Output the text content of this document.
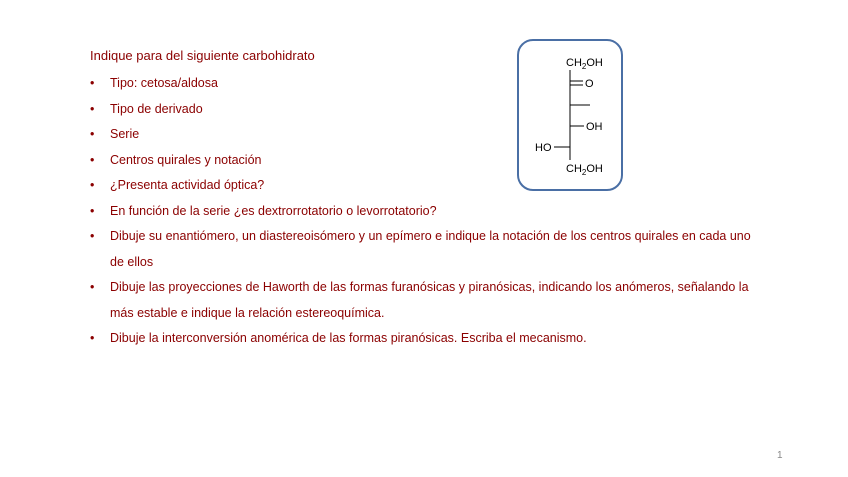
Indique para del siguiente carbohidrato
• Tipo: cetosa/aldosa
• Tipo de derivado
• Serie
• Centros quirales y notación
• ¿Presenta actividad óptica?
• En función de la serie ¿es dextrorrotatorio o levorrotatorio?
• Dibuje su enantiómero, un diastereoisómero y un epímero e indique la notación de los centros quirales en cada uno de ellos
• Dibuje las proyecciones de Haworth de las formas furanósicas y piranósicas, indicando los anómeros, señalando la más estable e indique la relación estereoquímica.
• Dibuje la interconversión anomérica de las formas piranósicas. Escriba el mecanismo.
$CH_2OH$
O
OH
HO
$CH_2OH$
1
